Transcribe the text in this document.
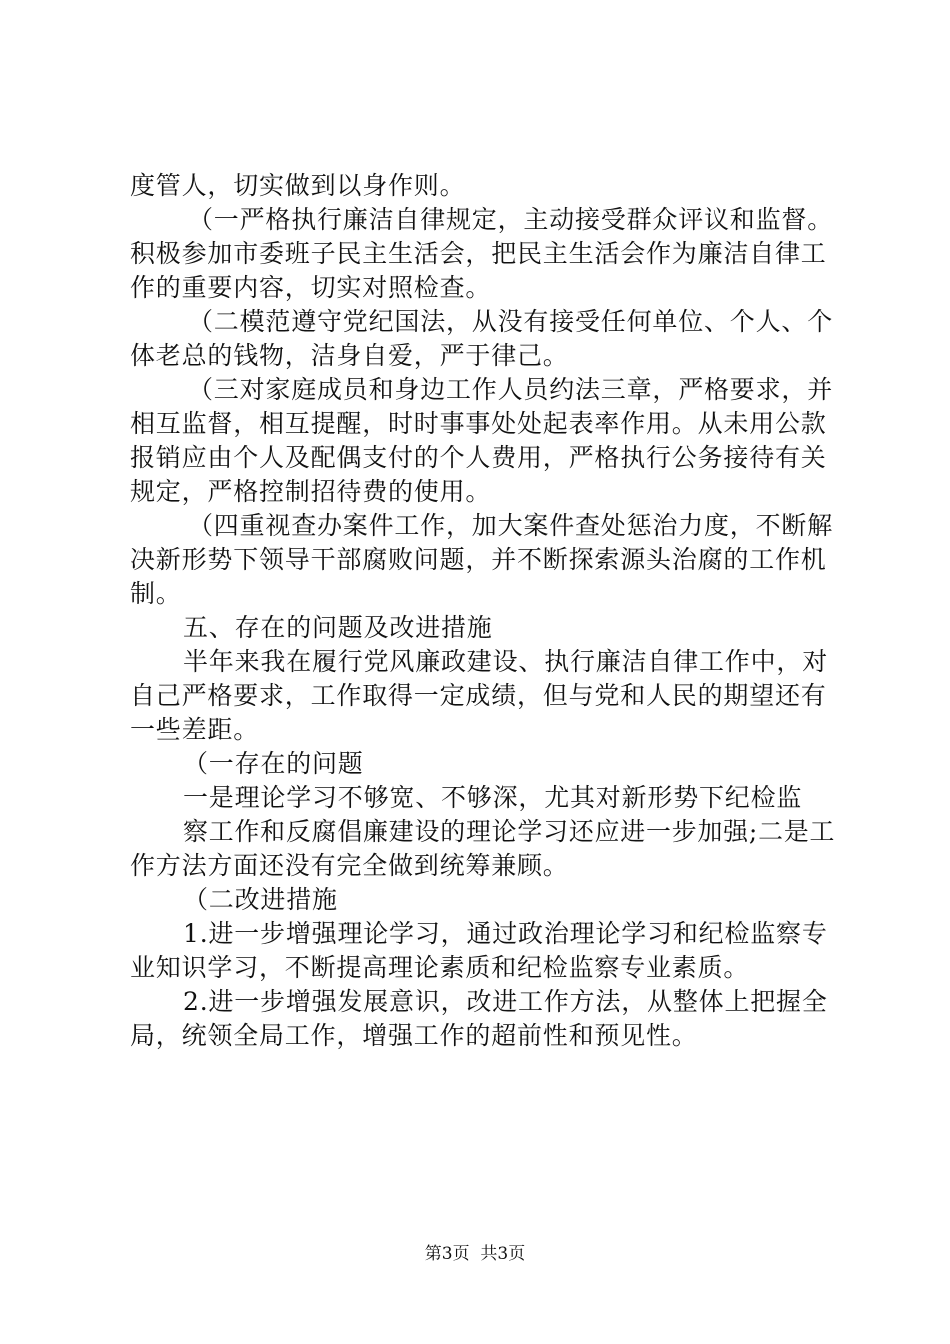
度管人，切实做到以身作则。
（一严格执行廉洁自律规定，主动接受群众评议和监督。
积极参加市委班子民主生活会，把民主生活会作为廉洁自律工
作的重要内容，切实对照检查。
（二模范遵守党纪国法，从没有接受任何单位、个人、个
体老总的钱物，洁身自爱，严于律己。
（三对家庭成员和身边工作人员约法三章，严格要求，并
相互监督，相互提醒，时时事事处处起表率作用。从未用公款
报销应由个人及配偶支付的个人费用，严格执行公务接待有关
规定，严格控制招待费的使用。
（四重视查办案件工作，加大案件查处惩治力度，不断解
决新形势下领导干部腐败问题，并不断探索源头治腐的工作机
制。
五、存在的问题及改进措施
半年来我在履行党风廉政建设、执行廉洁自律工作中，对
自己严格要求，工作取得一定成绩，但与党和人民的期望还有
一些差距。
（一存在的问题
一是理论学习不够宽、不够深，尤其对新形势下纪检监
察工作和反腐倡廉建设的理论学习还应进一步加强;二是工
作方法方面还没有完全做到统筹兼顾。
（二改进措施
1.进一步增强理论学习，通过政治理论学习和纪检监察专
业知识学习，不断提高理论素质和纪检监察专业素质。
2.进一步增强发展意识，改进工作方法，从整体上把握全
局，统领全局工作，增强工作的超前性和预见性。
第3页  共3页
